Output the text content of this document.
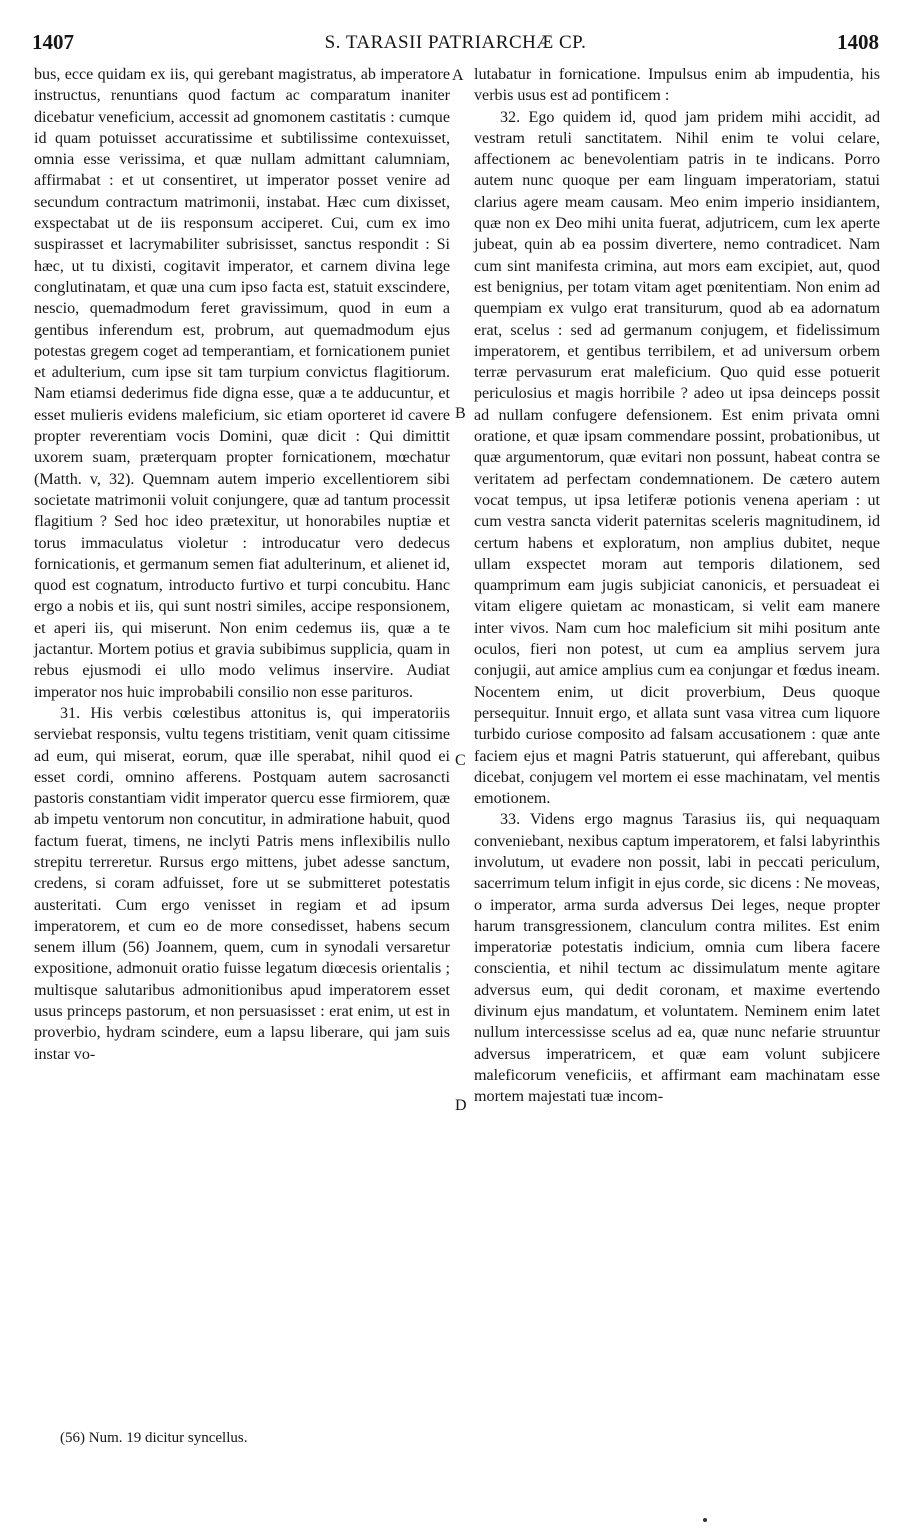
1407	S. TARASII PATRIARCHÆ CP.	1408
A
B
C
D

bus, ecce quidam ex iis, qui gerebant magistratus, ab imperatore instructus, renuntians quod factum ac comparatum inaniter dicebatur veneficium, accessit ad gnomonem castitatis : cumque id quam potuisset accuratissime et subtilissime contexuisset, omnia esse verissima, et quæ nullam admittant calumniam, affirmabat : et ut consentiret, ut imperator posset venire ad secundum contractum matrimonii, instabat. Hæc cum dixisset, exspectabat ut de iis responsum acciperet. Cui, cum ex imo suspirasset et lacrymabiliter subrisisset, sanctus respondit : Si hæc, ut tu dixisti, cogitavit imperator, et carnem divina lege conglutinatam, et quæ una cum ipso facta est, statuit exscindere, nescio, quemadmodum feret gravissimum, quod in eum a gentibus inferendum est, probrum, aut quemadmodum ejus potestas gregem coget ad temperantiam, et fornicationem puniet et adulterium, cum ipse sit tam turpium convictus flagitiorum. Nam etiamsi dederimus fide digna esse, quæ a te adducuntur, et esset mulieris evidens maleficium, sic etiam oporteret id cavere propter reverentiam vocis Domini, quæ dicit : Qui dimittit uxorem suam, præterquam propter fornicationem, mœchatur (Matth. v, 32). Quemnam autem imperio excellentiorem sibi societate matrimonii voluit conjungere, quæ ad tantum processit flagitium ? Sed hoc ideo prætexitur, ut honorabiles nuptiæ et torus immaculatus violetur : introducatur vero dedecus fornicationis, et germanum semen fiat adulterinum, et alienet id, quod est cognatum, introducto furtivo et turpi concubitu. Hanc ergo a nobis et iis, qui sunt nostri similes, accipe responsionem, et aperi iis, qui miserunt. Non enim cedemus iis, quæ a te jactantur. Mortem potius et gravia subibimus supplicia, quam in rebus ejusmodi ei ullo modo velimus inservire. Audiat imperator nos huic improbabili consilio non esse parituros.

31. His verbis cœlestibus attonitus is, qui imperatoriis serviebat responsis, vultu tegens tristitiam, venit quam citissime ad eum, qui miserat, eorum, quæ ille sperabat, nihil quod ei esset cordi, omnino afferens. Postquam autem sacrosancti pastoris constantiam vidit imperator quercu esse firmiorem, quæ ab impetu ventorum non concutitur, in admiratione habuit, quod factum fuerat, timens, ne inclyti Patris mens inflexibilis nullo strepitu terreretur. Rursus ergo mittens, jubet adesse sanctum, credens, si coram adfuisset, fore ut se submitteret potestatis austeritati. Cum ergo venisset in regiam et ad ipsum imperatorem, et cum eo de more consedisset, habens secum senem illum (56) Joannem, quem, cum in synodali versaretur expositione, admonuit oratio fuisse legatum diœcesis orientalis ; multisque salutaribus admonitionibus apud imperatorem esset usus princeps pastorum, et non persuasisset : erat enim, ut est in proverbio, hydram scindere, eum a lapsu liberare, qui jam suis instar vo-

lutabatur in fornicatione. Impulsus enim ab impudentia, his verbis usus est ad pontificem :

32. Ego quidem id, quod jam pridem mihi accidit, ad vestram retuli sanctitatem. Nihil enim te volui celare, affectionem ac benevolentiam patris in te indicans. Porro autem nunc quoque per eam linguam imperatoriam, statui clarius agere meam causam. Meo enim imperio insidiantem, quæ non ex Deo mihi unita fuerat, adjutricem, cum lex aperte jubeat, quin ab ea possim divertere, nemo contradicet. Nam cum sint manifesta crimina, aut mors eam excipiet, aut, quod est benignius, per totam vitam aget pœnitentiam. Non enim ad quempiam ex vulgo erat transiturum, quod ab ea adornatum erat, scelus : sed ad germanum conjugem, et fidelissimum imperatorem, et gentibus terribilem, et ad universum orbem terræ pervasurum erat maleficium. Quo quid esse potuerit periculosius et magis horribile ? adeo ut ipsa deinceps possit ad nullam confugere defensionem. Est enim privata omni oratione, et quæ ipsam commendare possint, probationibus, ut quæ argumentorum, quæ evitari non possunt, habeat contra se veritatem ad perfectam condemnationem. De cætero autem vocat tempus, ut ipsa letiferæ potionis venena aperiam : ut cum vestra sancta viderit paternitas sceleris magnitudinem, id certum habens et exploratum, non amplius dubitet, neque ullam exspectet moram aut temporis dilationem, sed quamprimum eam jugis subjiciat canonicis, et persuadeat ei vitam eligere quietam ac monasticam, si velit eam manere inter vivos. Nam cum hoc maleficium sit mihi positum ante oculos, fieri non potest, ut cum ea amplius servem jura conjugii, aut amice amplius cum ea conjungar et fœdus ineam. Nocentem enim, ut dicit proverbium, Deus quoque persequitur. Innuit ergo, et allata sunt vasa vitrea cum liquore turbido curiose composito ad falsam accusationem : quæ ante faciem ejus et magni Patris statuerunt, qui afferebant, quibus dicebat, conjugem vel mortem ei esse machinatam, vel mentis emotionem.

33. Videns ergo magnus Tarasius iis, qui nequaquam conveniebant, nexibus captum imperatorem, et falsi labyrinthis involutum, ut evadere non possit, labi in peccati periculum, sacerrimum telum infigit in ejus corde, sic dicens : Ne moveas, o imperator, arma surda adversus Dei leges, neque propter harum transgressionem, clanculum contra milites. Est enim imperatoriæ potestatis indicium, omnia cum libera facere conscientia, et nihil tectum ac dissimulatum mente agitare adversus eum, qui dedit coronam, et maxime evertendo divinum ejus mandatum, et voluntatem. Neminem enim latet nullum intercessisse scelus ad ea, quæ nunc nefarie struuntur adversus imperatricem, et quæ eam volunt subjicere maleficorum veneficiis, et affirmant eam machinatam esse mortem majestati tuæ incom-

(56) Num. 19 dicitur syncellus.
